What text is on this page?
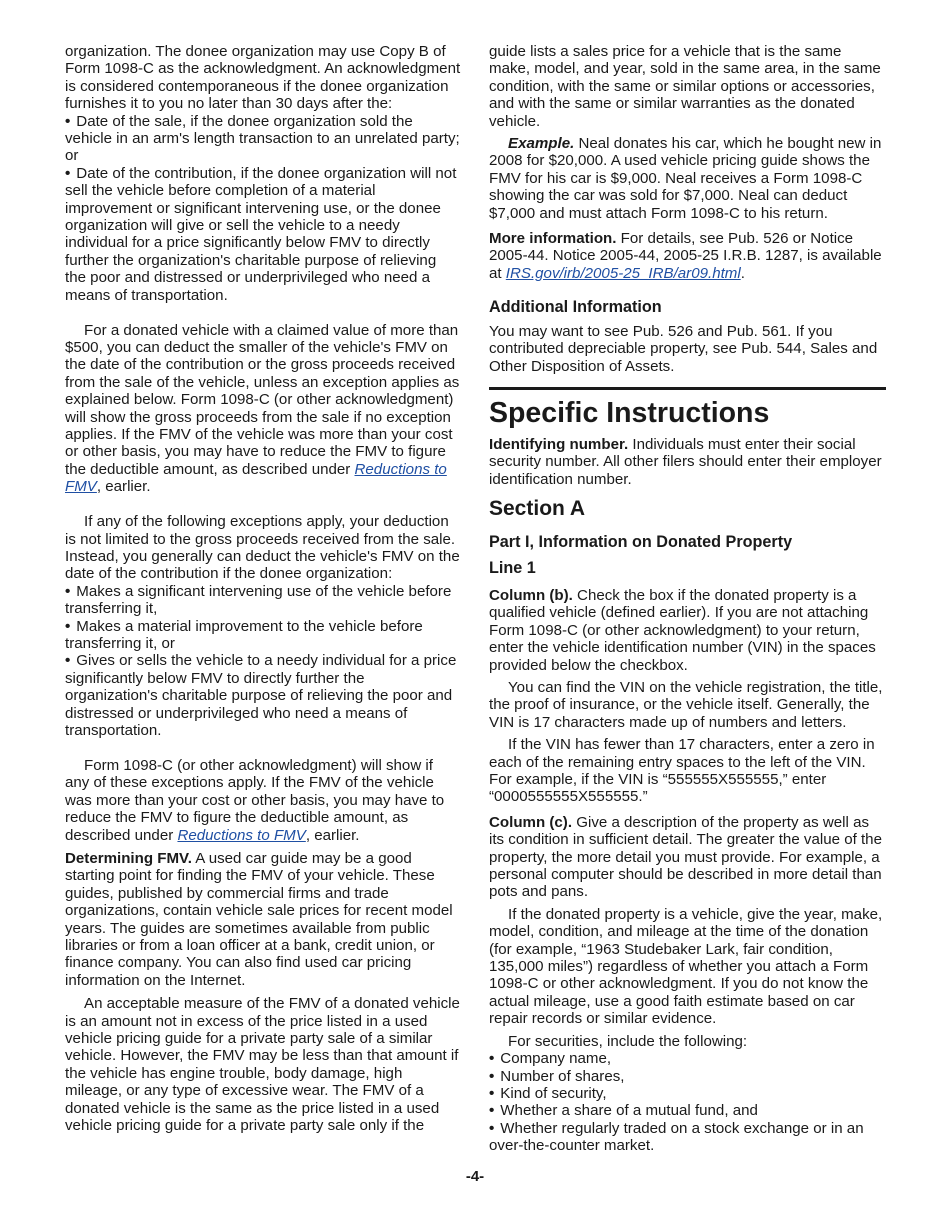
organization. The donee organization may use Copy B of Form 1098-C as the acknowledgment. An acknowledgment is considered contemporaneous if the donee organization furnishes it to you no later than 30 days after the:

• Date of the sale, if the donee organization sold the vehicle in an arm's length transaction to an unrelated party; or

• Date of the contribution, if the donee organization will not sell the vehicle before completion of a material improvement or significant intervening use, or the donee organization will give or sell the vehicle to a needy individual for a price significantly below FMV to directly further the organization's charitable purpose of relieving the poor and distressed or underprivileged who need a means of transportation.

For a donated vehicle with a claimed value of more than $500, you can deduct the smaller of the vehicle's FMV on the date of the contribution or the gross proceeds received from the sale of the vehicle, unless an exception applies as explained below. Form 1098-C (or other acknowledgment) will show the gross proceeds from the sale if no exception applies. If the FMV of the vehicle was more than your cost or other basis, you may have to reduce the FMV to figure the deductible amount, as described under Reductions to FMV, earlier.

If any of the following exceptions apply, your deduction is not limited to the gross proceeds received from the sale. Instead, you generally can deduct the vehicle's FMV on the date of the contribution if the donee organization:

• Makes a significant intervening use of the vehicle before transferring it,

• Makes a material improvement to the vehicle before transferring it, or

• Gives or sells the vehicle to a needy individual for a price significantly below FMV to directly further the organization's charitable purpose of relieving the poor and distressed or underprivileged who need a means of transportation.

Form 1098-C (or other acknowledgment) will show if any of these exceptions apply. If the FMV of the vehicle was more than your cost or other basis, you may have to reduce the FMV to figure the deductible amount, as described under Reductions to FMV, earlier.

Determining FMV. A used car guide may be a good starting point for finding the FMV of your vehicle. These guides, published by commercial firms and trade organizations, contain vehicle sale prices for recent model years. The guides are sometimes available from public libraries or from a loan officer at a bank, credit union, or finance company. You can also find used car pricing information on the Internet.

An acceptable measure of the FMV of a donated vehicle is an amount not in excess of the price listed in a used vehicle pricing guide for a private party sale of a similar vehicle. However, the FMV may be less than that amount if the vehicle has engine trouble, body damage, high mileage, or any type of excessive wear. The FMV of a donated vehicle is the same as the price listed in a used vehicle pricing guide for a private party sale only if the

guide lists a sales price for a vehicle that is the same make, model, and year, sold in the same area, in the same condition, with the same or similar options or accessories, and with the same or similar warranties as the donated vehicle.

Example. Neal donates his car, which he bought new in 2008 for $20,000. A used vehicle pricing guide shows the FMV for his car is $9,000. Neal receives a Form 1098-C showing the car was sold for $7,000. Neal can deduct $7,000 and must attach Form 1098-C to his return.

More information. For details, see Pub. 526 or Notice 2005-44. Notice 2005-44, 2005-25 I.R.B. 1287, is available at IRS.gov/irb/2005-25_IRB/ar09.html.

Additional Information

You may want to see Pub. 526 and Pub. 561. If you contributed depreciable property, see Pub. 544, Sales and Other Disposition of Assets.

Specific Instructions

Identifying number. Individuals must enter their social security number. All other filers should enter their employer identification number.

Section A
Part I, Information on Donated Property
Line 1

Column (b). Check the box if the donated property is a qualified vehicle (defined earlier). If you are not attaching Form 1098-C (or other acknowledgment) to your return, enter the vehicle identification number (VIN) in the spaces provided below the checkbox.

You can find the VIN on the vehicle registration, the title, the proof of insurance, or the vehicle itself. Generally, the VIN is 17 characters made up of numbers and letters.

If the VIN has fewer than 17 characters, enter a zero in each of the remaining entry spaces to the left of the VIN. For example, if the VIN is “555555X555555,” enter “0000555555X555555.”

Column (c). Give a description of the property as well as its condition in sufficient detail. The greater the value of the property, the more detail you must provide. For example, a personal computer should be described in more detail than pots and pans.

If the donated property is a vehicle, give the year, make, model, condition, and mileage at the time of the donation (for example, “1963 Studebaker Lark, fair condition, 135,000 miles”) regardless of whether you attach a Form 1098-C or other acknowledgment. If you do not know the actual mileage, use a good faith estimate based on car repair records or similar evidence.

For securities, include the following:

• Company name,

• Number of shares,

• Kind of security,

• Whether a share of a mutual fund, and

• Whether regularly traded on a stock exchange or in an over-the-counter market.

-4-
